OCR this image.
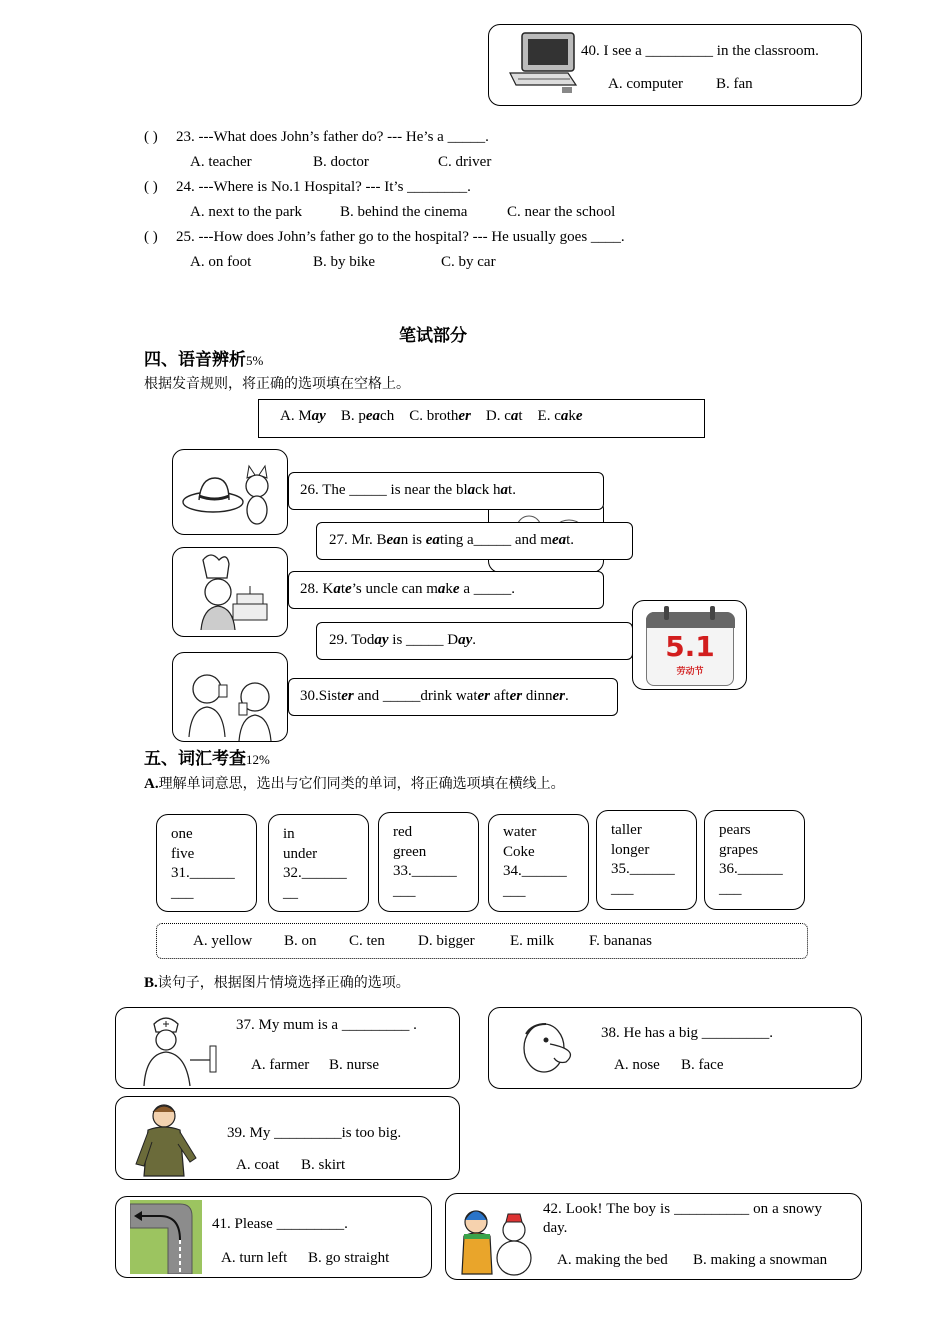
40. I see a _________ in the classroom.
A. computer B. fan
( ) 23. ---What does John’s father do? --- He’s a _____.
A. teacher	B. doctor	C. driver
( ) 24. ---Where is No.1 Hospital? --- It’s ________.
A. next to the park	B. behind the cinema	C. near the school
( ) 25. ---How does John’s father go to the hospital? --- He usually goes ____.
A. on foot	B. by bike	C. by car
笔试部分
四、语音辨析5%
根据发音规则，将正确的选项填在空格上。
A. May B. peach C. brother D. cat E. cake
26. The _____ is near the black hat.
27. Mr. Bean is eating a_____ and meat.
28. Kate’s uncle can make a _____.
29. Today is _____ Day.
30.Sister and _____drink water after dinner.
5.1
劳动节
五、词汇考查12%
A.理解单词意思，选出与它们同类的单词，将正确选项填在横线上。
one
five
31.______
___
in
under
32.______
__
red
green
33.______
___
water
Coke
34.______
___
taller
longer
35.______
___
pears
grapes
36.______
___
A. yellow B. on C. ten D. bigger E. milk F. bananas
B.读句子，根据图片情境选择正确的选项。
37. My mum is a _________ .
A. farmer B. nurse
38. He has a big _________.
A. nose B. face
39. My _________is too big.
A. coat B. skirt
41. Please _________.
A. turn left B. go straight
42. Look! The boy is __________ on a snowy day.
A. making the bed B. making a snowman
